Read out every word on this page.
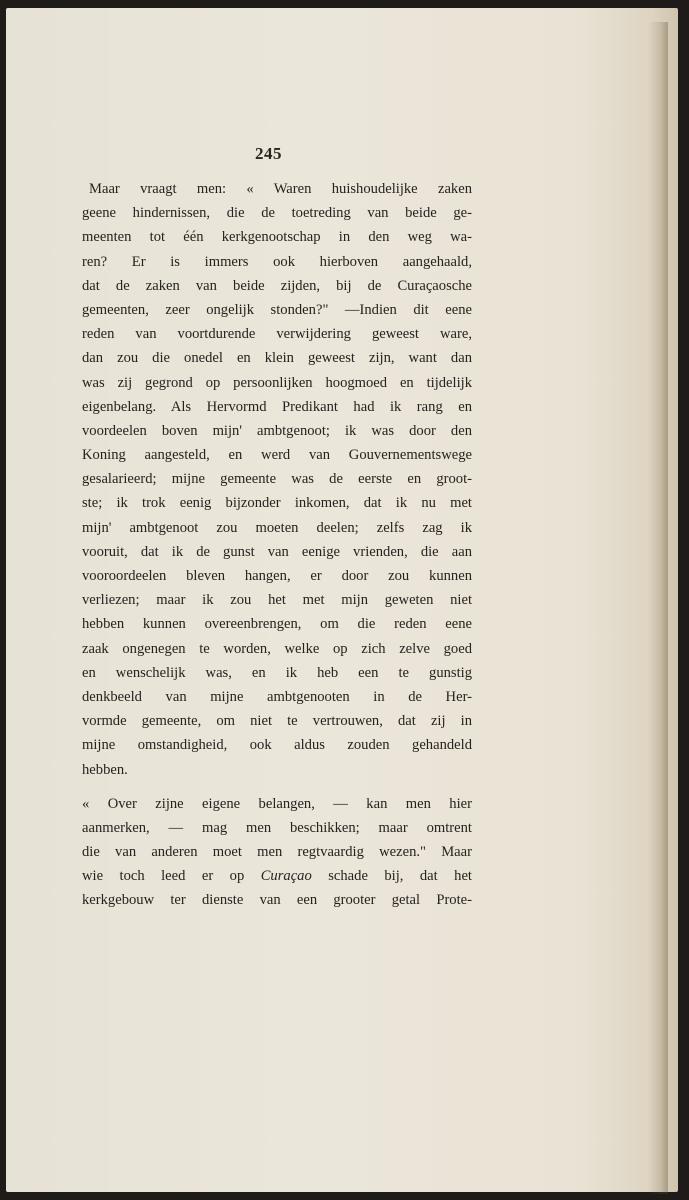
245
Maar vraagt men: « Waren huishoudelijke zaken
geene hindernissen, die de toetreding van beide ge-
meenten tot één kerkgenootschap in den weg wa-
ren? Er is immers ook hierboven aangehaald,
dat de zaken van beide zijden, bij de Curaçaosche
gemeenten, zeer ongelijk stonden?" —Indien dit eene
reden van voortdurende verwijdering geweest ware,
dan zou die onedel en klein geweest zijn, want dan
was zij gegrond op persoonlijken hoogmoed en tijdelijk
eigenbelang. Als Hervormd Predikant had ik rang en
voordeelen boven mijn' ambtgenoot; ik was door den
Koning aangesteld, en werd van Gouvernementswege
gesalarieerd; mijne gemeente was de eerste en groot-
ste; ik trok eenig bijzonder inkomen, dat ik nu met
mijn' ambtgenoot zou moeten deelen; zelfs zag ik
vooruit, dat ik de gunst van eenige vrienden, die aan
vooroordeelen bleven hangen, er door zou kunnen
verliezen; maar ik zou het met mijn geweten niet
hebben kunnen overeenbrengen, om die reden eene
zaak ongenegen te worden, welke op zich zelve goed
en wenschelijk was, en ik heb een te gunstig
denkbeeld van mijne ambtgenooten in de Her-
vormde gemeente, om niet te vertrouwen, dat zij in
mijne omstandigheid, ook aldus zouden gehandeld
hebben.
« Over zijne eigene belangen, — kan men hier
aanmerken, — mag men beschikken; maar omtrent
die van anderen moet men regtvaardig wezen." Maar
wie toch leed er op Curaçao schade bij, dat het
kerkgebouw ter dienste van een grooter getal Prote-
